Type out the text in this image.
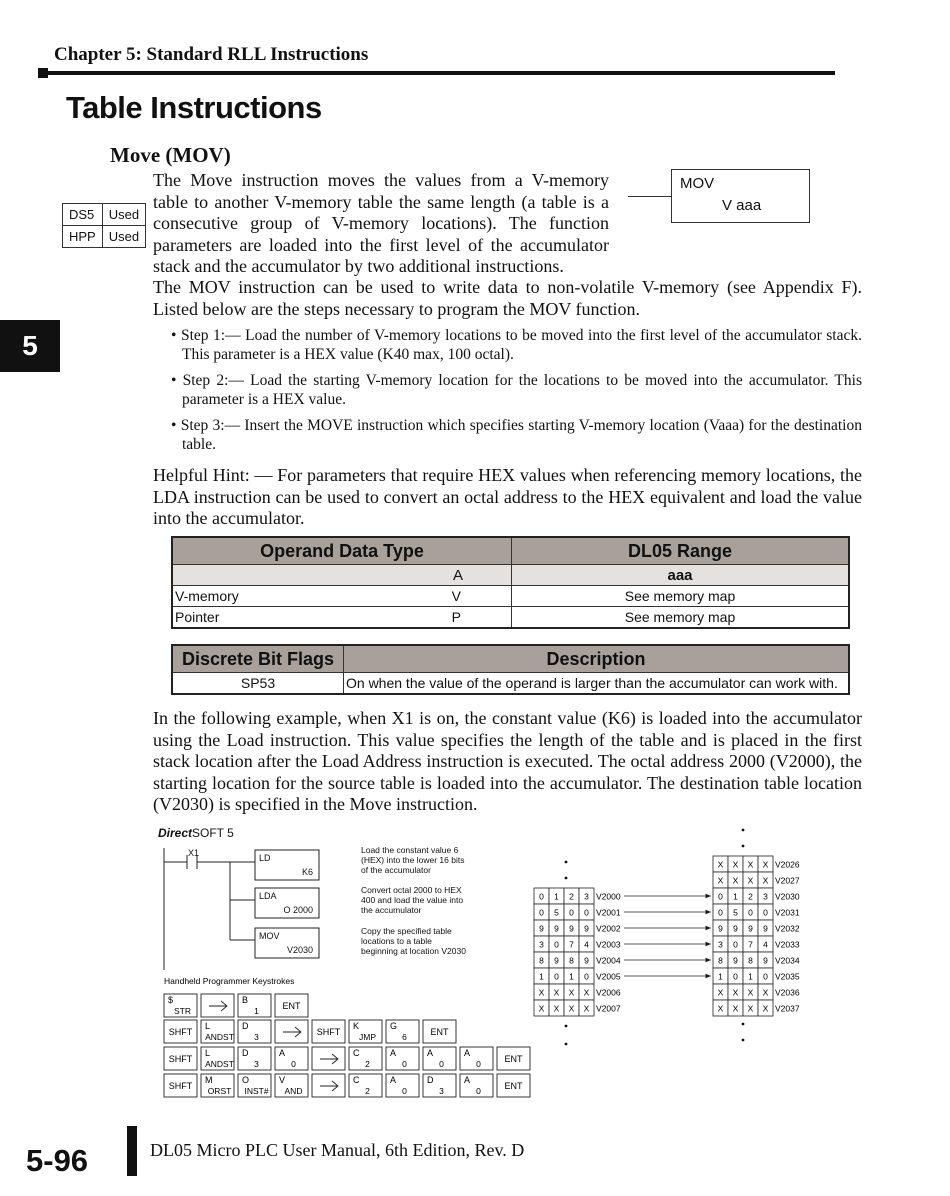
Chapter 5: Standard RLL Instructions
Table Instructions
Move (MOV)
5
DS5	Used
HPP	Used
MOV
V aaa
The Move instruction moves the values from a V-memory table to another V-memory table the same length (a table is a consecutive group of V-memory locations). The function parameters are loaded into the first level of the accumulator stack and the accumulator by two additional instructions.
The MOV instruction can be used to write data to non-volatile V-memory (see Appendix F). Listed below are the steps necessary to program the MOV function.
• Step 1:— Load the number of V-memory locations to be moved into the first level of the accumulator stack. This parameter is a HEX value (K40 max, 100 octal).
• Step 2:— Load the starting V-memory location for the locations to be moved into the accumulator. This parameter is a HEX value.
• Step 3:— Insert the MOVE instruction which specifies starting V-memory location (Vaaa) for the destination table.
Helpful Hint: — For parameters that require HEX values when referencing memory locations, the LDA instruction can be used to convert an octal address to the HEX equivalent and load the value into the accumulator.
Operand Data Type	DL05 Range
A	aaa
V-memory V	See memory map
Pointer P	See memory map
Discrete Bit Flags	Description
SP53	On when the value of the operand is larger than the accumulator can work with.
In the following example, when X1 is on, the constant value (K6) is loaded into the accumulator using the Load instruction. This value specifies the length of the table and is placed in the first stack location after the Load Address instruction is executed. The octal address 2000 (V2000), the starting location for the source table is loaded into the accumulator. The destination table location (V2030) is specified in the Move instruction.
DirectSOFT 5
X1	LD
K6
LDA
O 2000
MOV
V2030
Load the constant value 6
(HEX) into the lower 16 bits
of the accumulator
Convert octal 2000 to HEX
400 and load the value into
the accumulator
Copy the specified table
locations to a table
beginning at location V2030
0 1 2 3 V2000
0 5 0 0 V2001
9 9 9 9 V2002
3 0 7 4 V2003
8 9 8 9 V2004
1 0 1 0 V2005
X X X X V2006
X X X X V2007
X X X X V2026
X X X X V2027
0 1 2 3 V2030
0 5 0 0 V2031
9 9 9 9 V2032
3 0 7 4 V2033
8 9 8 9 V2034
1 0 1 0 V2035
X X X X V2036
X X X X V2037
Handheld Programmer Keystrokes
$
STR
B
1	ENT
SHFT
L
ANDST
D
3	SHFT
K
JMP
G
6	ENT
SHFT
L
ANDST
D
3
A
0
C
2
A
0
A
0
A
0	ENT
SHFT
M
ORST
O
INST#
V
AND
C
2
A
0
D
3
A
0	ENT
5-96	DL05 Micro PLC User Manual, 6th Edition, Rev. D
